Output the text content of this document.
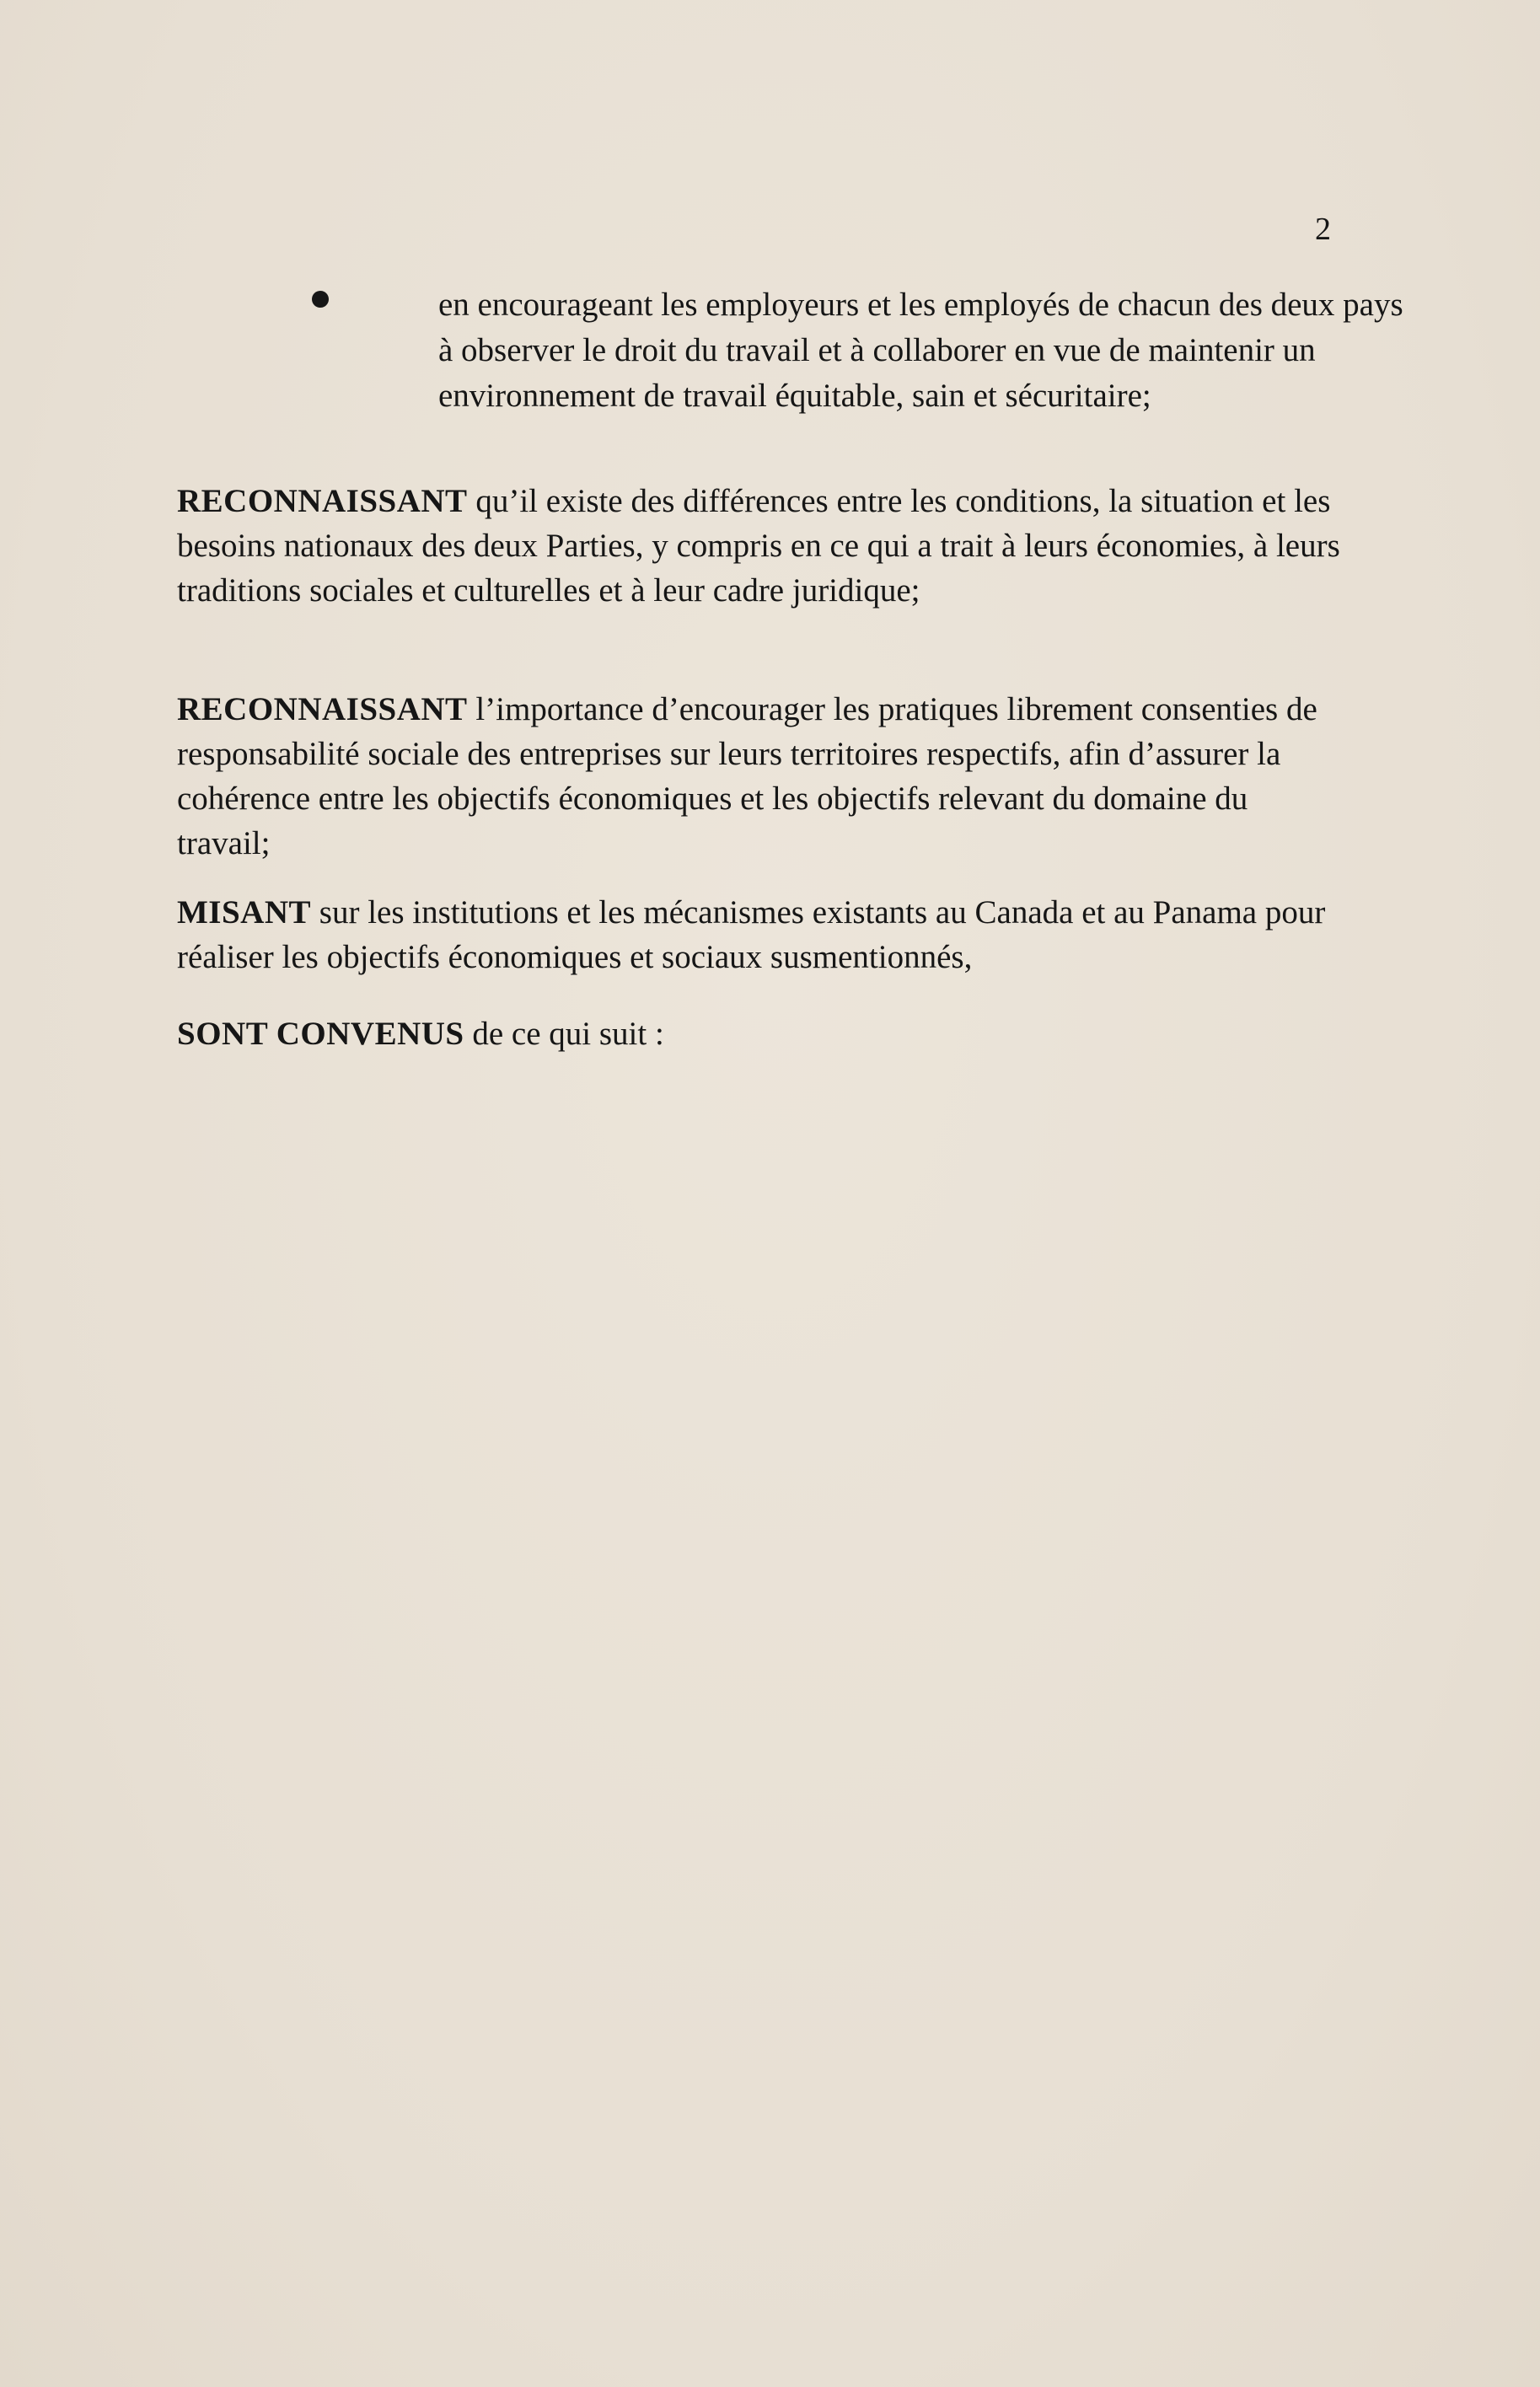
2
en encourageant les employeurs et les employés de chacun des deux pays à observer le droit du travail et à collaborer en vue de maintenir un environnement de travail équitable, sain et sécuritaire;
RECONNAISSANT qu’il existe des différences entre les conditions, la situation et les besoins nationaux des deux Parties, y compris en ce qui a trait à leurs économies, à leurs traditions sociales et culturelles et à leur cadre juridique;
RECONNAISSANT l’importance d’encourager les pratiques librement consenties de responsabilité sociale des entreprises sur leurs territoires respectifs, afin d’assurer la cohérence entre les objectifs économiques et les objectifs relevant du domaine du travail;
MISANT sur les institutions et les mécanismes existants au Canada et au Panama pour réaliser les objectifs économiques et sociaux susmentionnés,
SONT CONVENUS de ce qui suit :
